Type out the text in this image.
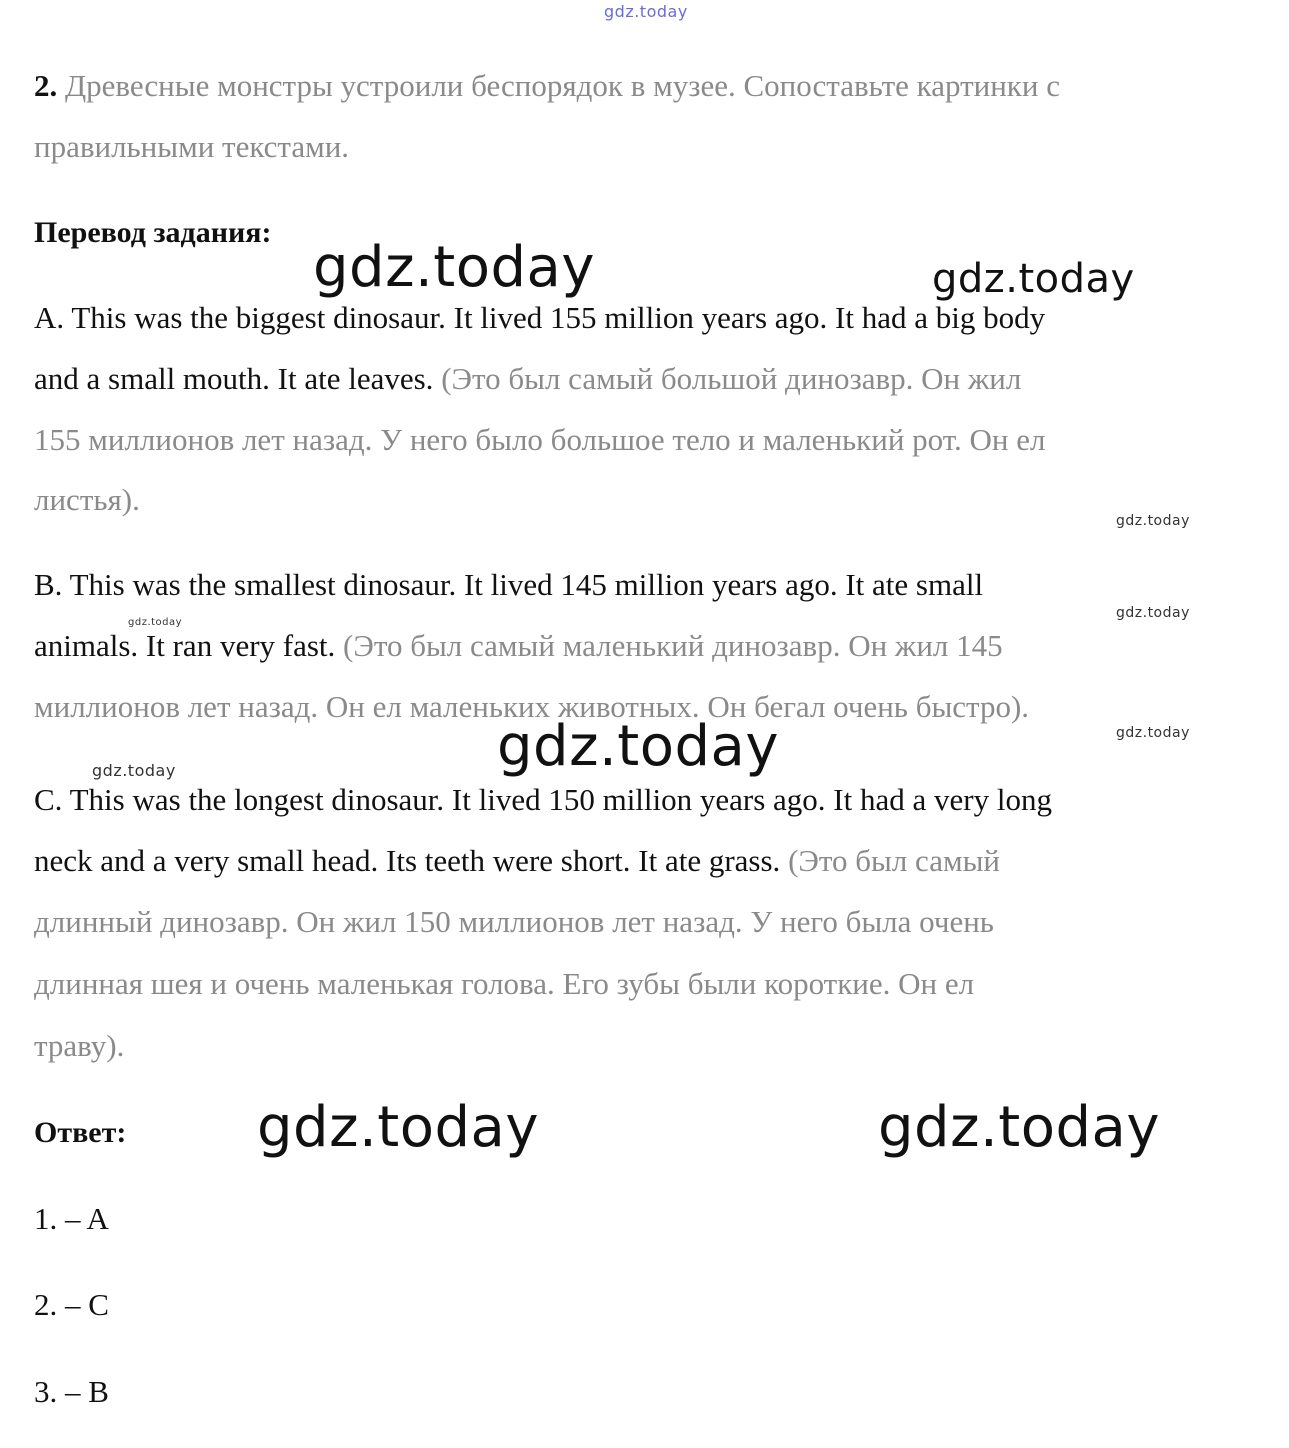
gdz.today
2. Древесные монстры устроили беспорядок в музее. Сопоставьте картинки с
правильными текстами.
Перевод задания:
gdz.today	gdz.today
A. This was the biggest dinosaur. It lived 155 million years ago. It had a big body
and a small mouth. It ate leaves. (Это был самый большой динозавр. Он жил
155 миллионов лет назад. У него было большое тело и маленький рот. Он ел
листья).
gdz.today
B. This was the smallest dinosaur. It lived 145 million years ago. It ate small
gdz.today
gdz.today
animals. It ran very fast. (Это был самый маленький динозавр. Он жил 145
миллионов лет назад. Он ел маленьких животных. Он бегал очень быстро).
gdz.today
gdz.today
gdz.today
C. This was the longest dinosaur. It lived 150 million years ago. It had a very long
neck and a very small head. Its teeth were short. It ate grass. (Это был самый
длинный динозавр. Он жил 150 миллионов лет назад. У него была очень
длинная шея и очень маленькая голова. Его зубы были короткие. Он ел
траву).
Ответ: gdz.today	gdz.today
1. – A
2. – C
3. – B
